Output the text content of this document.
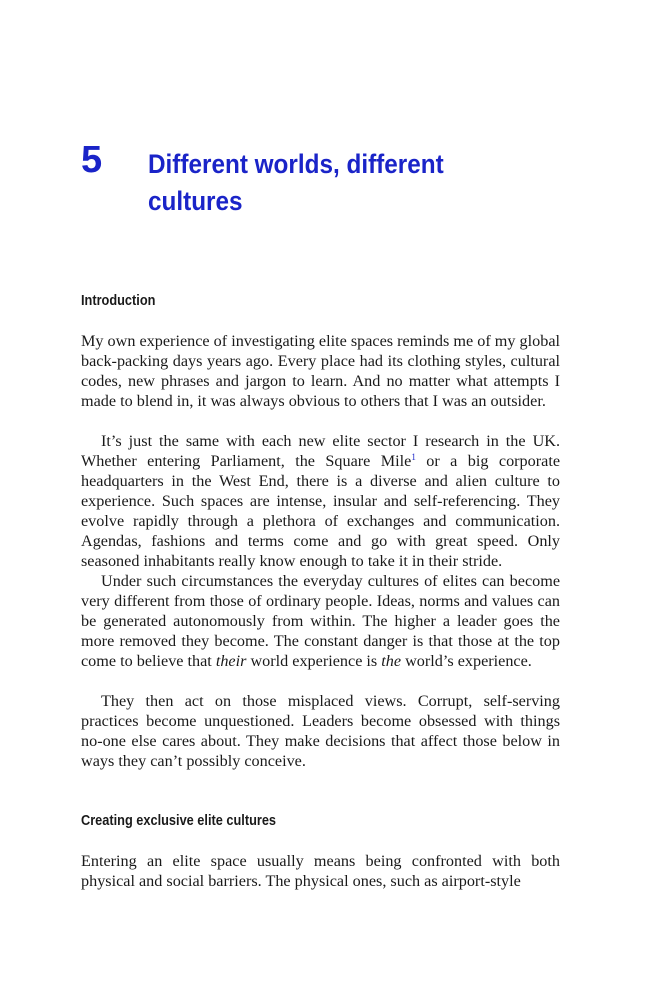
5 Different worlds, different cultures
Introduction

My own experience of investigating elite spaces reminds me of my global back-packing days years ago. Every place had its clothing styles, cultural codes, new phrases and jargon to learn. And no matter what attempts I made to blend in, it was always obvious to others that I was an outsider.

It’s just the same with each new elite sector I research in the UK. Whether entering Parliament, the Square Mile$^1$ or a big corporate headquarters in the West End, there is a diverse and alien culture to experience. Such spaces are intense, insular and self-referencing. They evolve rapidly through a plethora of exchanges and communication. Agendas, fashions and terms come and go with great speed. Only seasoned inhabitants really know enough to take it in their stride.

Under such circumstances the everyday cultures of elites can become very different from those of ordinary people. Ideas, norms and values can be generated autonomously from within. The higher a leader goes the more removed they become. The constant danger is that those at the top come to believe that their world experience is the world’s experience.

They then act on those misplaced views. Corrupt, self-serving practices become unquestioned. Leaders become obsessed with things no-one else cares about. They make decisions that affect those below in ways they can’t possibly conceive.

Creating exclusive elite cultures

Entering an elite space usually means being confronted with both physical and social barriers. The physical ones, such as airport-style
